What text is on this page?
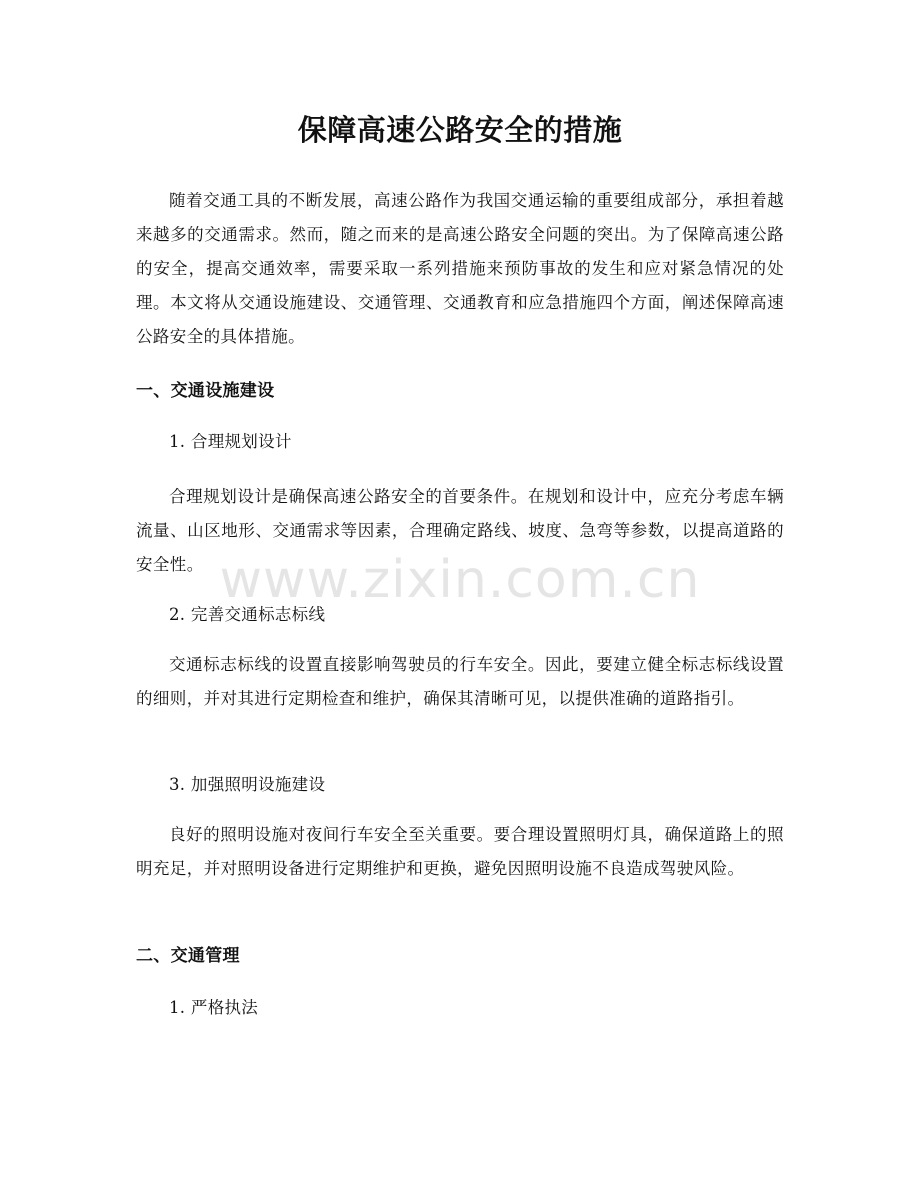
保障高速公路安全的措施

随着交通工具的不断发展，高速公路作为我国交通运输的重要组成部分，承担着越来越多的交通需求。然而，随之而来的是高速公路安全问题的突出。为了保障高速公路的安全，提高交通效率，需要采取一系列措施来预防事故的发生和应对紧急情况的处理。本文将从交通设施建设、交通管理、交通教育和应急措施四个方面，阐述保障高速公路安全的具体措施。

一、交通设施建设

1. 合理规划设计

合理规划设计是确保高速公路安全的首要条件。在规划和设计中，应充分考虑车辆流量、山区地形、交通需求等因素，合理确定路线、坡度、急弯等参数，以提高道路的安全性。

2. 完善交通标志标线

交通标志标线的设置直接影响驾驶员的行车安全。因此，要建立健全标志标线设置的细则，并对其进行定期检查和维护，确保其清晰可见，以提供准确的道路指引。

3. 加强照明设施建设

良好的照明设施对夜间行车安全至关重要。要合理设置照明灯具，确保道路上的照明充足，并对照明设备进行定期维护和更换，避免因照明设施不良造成驾驶风险。

二、交通管理

1. 严格执法

www.zixin.com.cn
